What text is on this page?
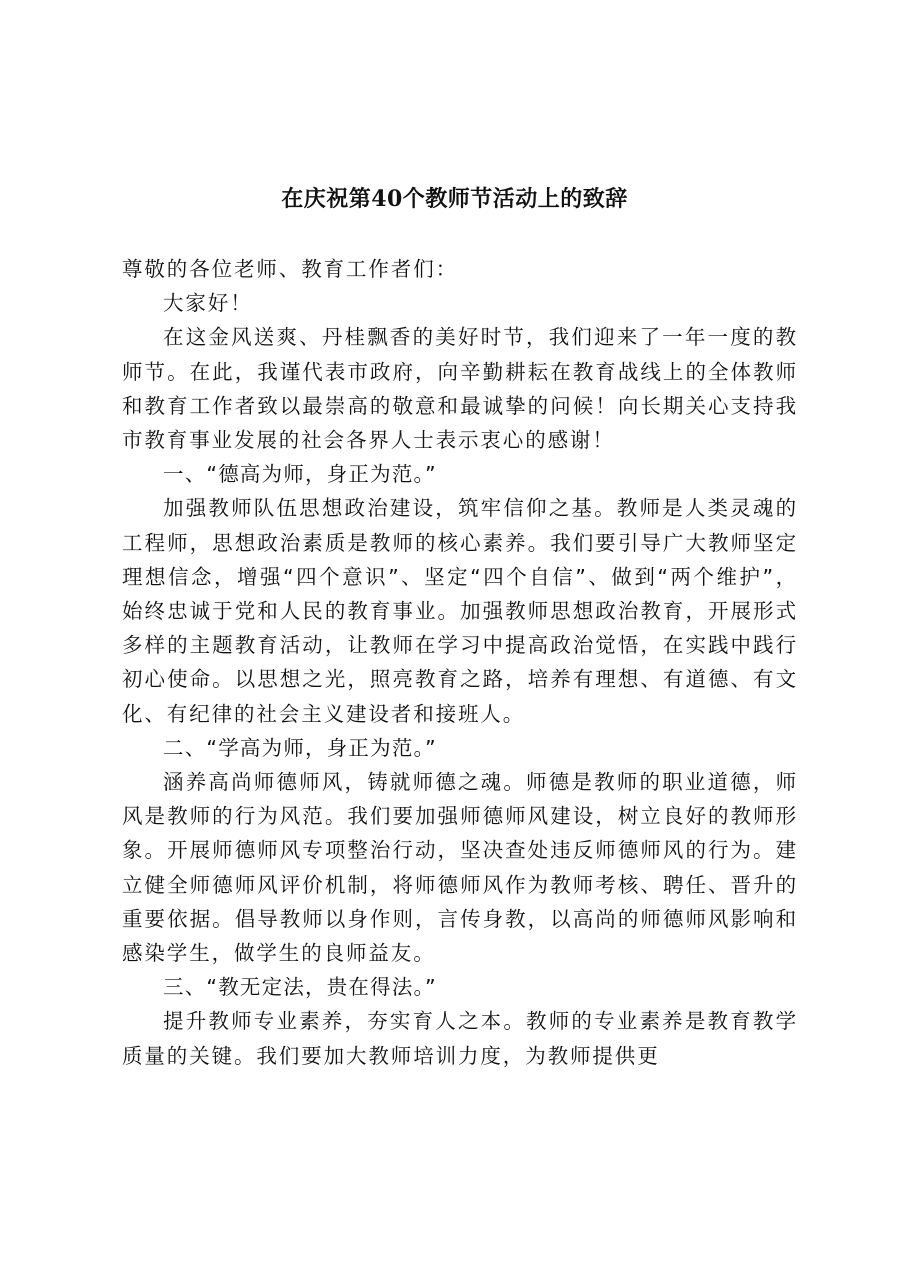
在庆祝第40个教师节活动上的致辞

尊敬的各位老师、教育工作者们：

大家好！

在这金风送爽、丹桂飘香的美好时节，我们迎来了一年一度的教师节。在此，我谨代表市政府，向辛勤耕耘在教育战线上的全体教师和教育工作者致以最崇高的敬意和最诚挚的问候！向长期关心支持我市教育事业发展的社会各界人士表示衷心的感谢！

一、“德高为师，身正为范。”

加强教师队伍思想政治建设，筑牢信仰之基。教师是人类灵魂的工程师，思想政治素质是教师的核心素养。我们要引导广大教师坚定理想信念，增强“四个意识”、坚定“四个自信”、做到“两个维护”，始终忠诚于党和人民的教育事业。加强教师思想政治教育，开展形式多样的主题教育活动，让教师在学习中提高政治觉悟，在实践中践行初心使命。以思想之光，照亮教育之路，培养有理想、有道德、有文化、有纪律的社会主义建设者和接班人。

二、“学高为师，身正为范。”

涵养高尚师德师风，铸就师德之魂。师德是教师的职业道德，师风是教师的行为风范。我们要加强师德师风建设，树立良好的教师形象。开展师德师风专项整治行动，坚决查处违反师德师风的行为。建立健全师德师风评价机制，将师德师风作为教师考核、聘任、晋升的重要依据。倡导教师以身作则，言传身教，以高尚的师德师风影响和感染学生，做学生的良师益友。

三、“教无定法，贵在得法。”

提升教师专业素养，夯实育人之本。教师的专业素养是教育教学质量的关键。我们要加大教师培训力度，为教师提供更
